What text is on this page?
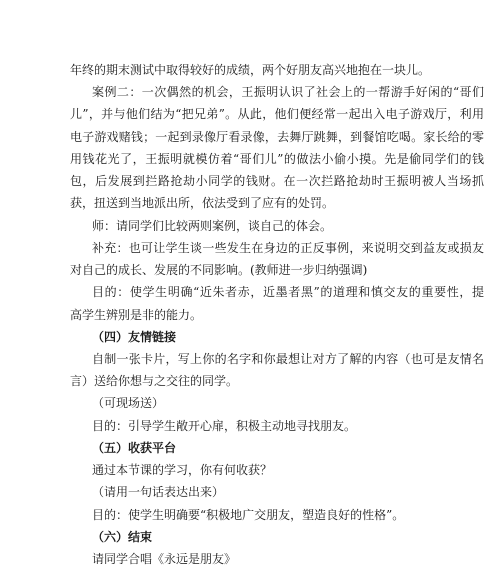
年终的期末测试中取得较好的成绩，两个好朋友高兴地抱在一块儿。
案例二：一次偶然的机会，王振明认识了社会上的一帮游手好闲的“哥们
儿”，并与他们结为“把兄弟”。从此，他们便经常一起出入电子游戏厅，利用
电子游戏赌钱；一起到录像厅看录像，去舞厅跳舞，到餐馆吃喝。家长给的零
用钱花光了，王振明就模仿着“哥们儿”的做法小偷小摸。先是偷同学们的钱
包，后发展到拦路抢劫小同学的钱财。在一次拦路抢劫时王振明被人当场抓
获，扭送到当地派出所，依法受到了应有的处罚。
师：请同学们比较两则案例，谈自己的体会。
补充：也可让学生谈一些发生在身边的正反事例，来说明交到益友或损友
对自己的成长、发展的不同影响。(教师进一步归纳强调)
目的：使学生明确“近朱者赤，近墨者黑”的道理和慎交友的重要性，提
高学生辨别是非的能力。
（四）友情链接
自制一张卡片，写上你的名字和你最想让对方了解的内容（也可是友情名
言）送给你想与之交往的同学。
（可现场送）
目的：引导学生敞开心扉，积极主动地寻找朋友。
（五）收获平台
通过本节课的学习，你有何收获？
（请用一句话表达出来）
目的：使学生明确要“积极地广交朋友，塑造良好的性格”。
（六）结束
请同学合唱《永远是朋友》
